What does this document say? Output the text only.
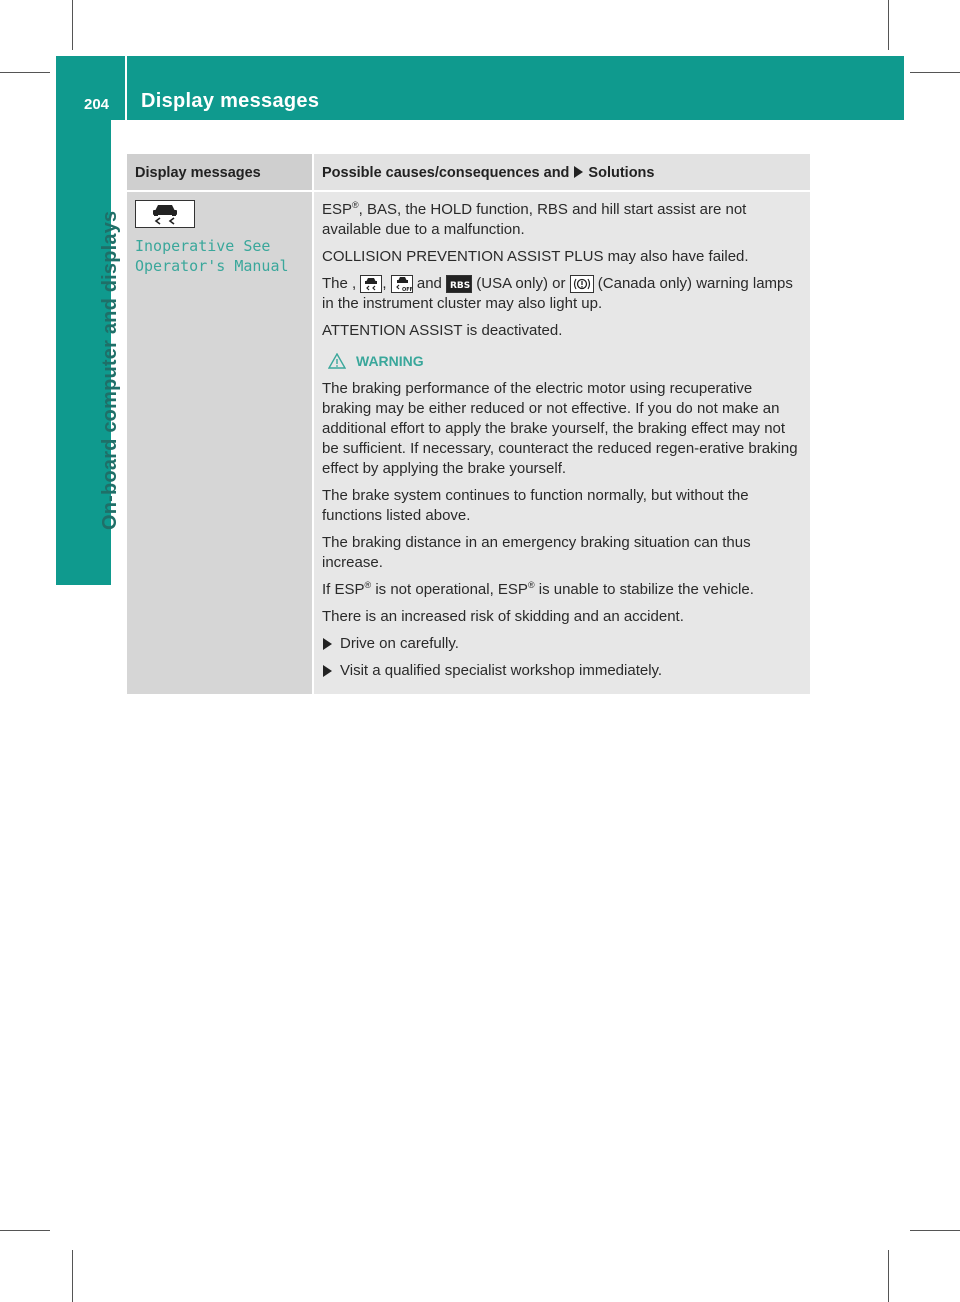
204 Display messages
On-board computer and displays
Display messages	Possible causes/consequences and Solutions
Inoperative See
Operator's Manual

ESP®, BAS, the HOLD function, RBS and hill start assist are not available due to a malfunction.

COLLISION PREVENTION ASSIST PLUS may also have failed.

The , ,	OFF and RBS (USA only) or (Canada only) warning lamps in the instrument cluster may also light up.

ATTENTION ASSIST is deactivated.

WARNING

The braking performance of the electric motor using recuperative braking may be either reduced or not effective. If you do not make an additional effort to apply the brake yourself, the braking effect may not be sufficient. If necessary, counteract the reduced regen-erative braking effect by applying the brake yourself.

The brake system continues to function normally, but without the functions listed above.

The braking distance in an emergency braking situation can thus increase.

If ESP® is not operational, ESP® is unable to stabilize the vehicle.

There is an increased risk of skidding and an accident.

Drive on carefully.
Visit a qualified specialist workshop immediately.
